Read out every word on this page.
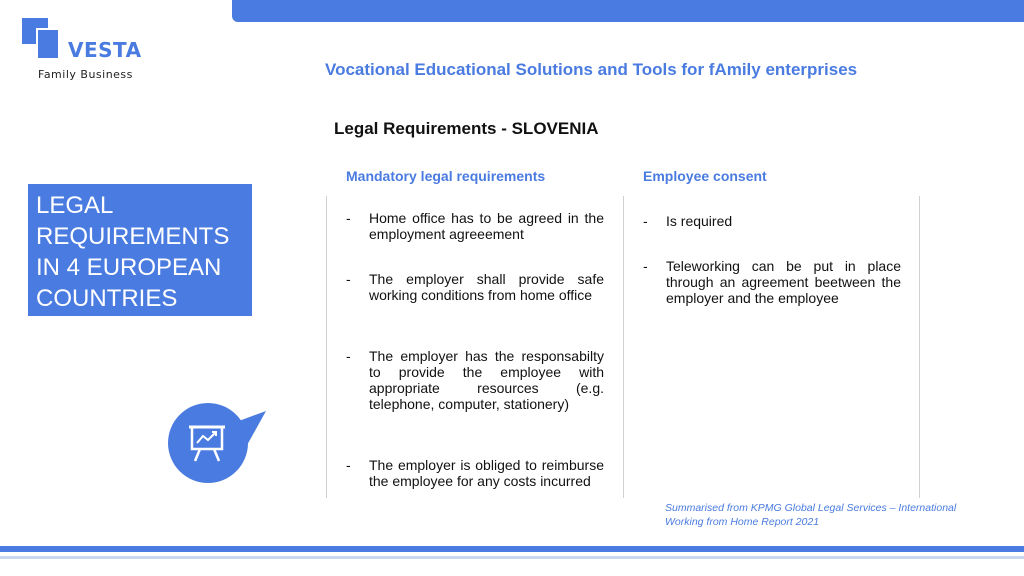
VESTA
Family Business	Vocational Educational Solutions and Tools for fAmily enterprises
Legal Requirements - SLOVENIA
LEGAL
REQUIREMENTS
IN 4 EUROPEAN
COUNTRIES
Mandatory legal requirements	Employee consent
- Home office has to be agreed in the employment agreeement
- The employer shall provide safe working conditions from home office
- The employer has the responsabilty to provide the employee with appropriate resources (e.g. telephone, computer, stationery)
- The employer is obliged to reimburse the employee for any costs incurred
- Is required
- Teleworking can be put in place through an agreement beetween the employer and the employee
Summarised from KPMG Global Legal Services – International Working from Home Report 2021
